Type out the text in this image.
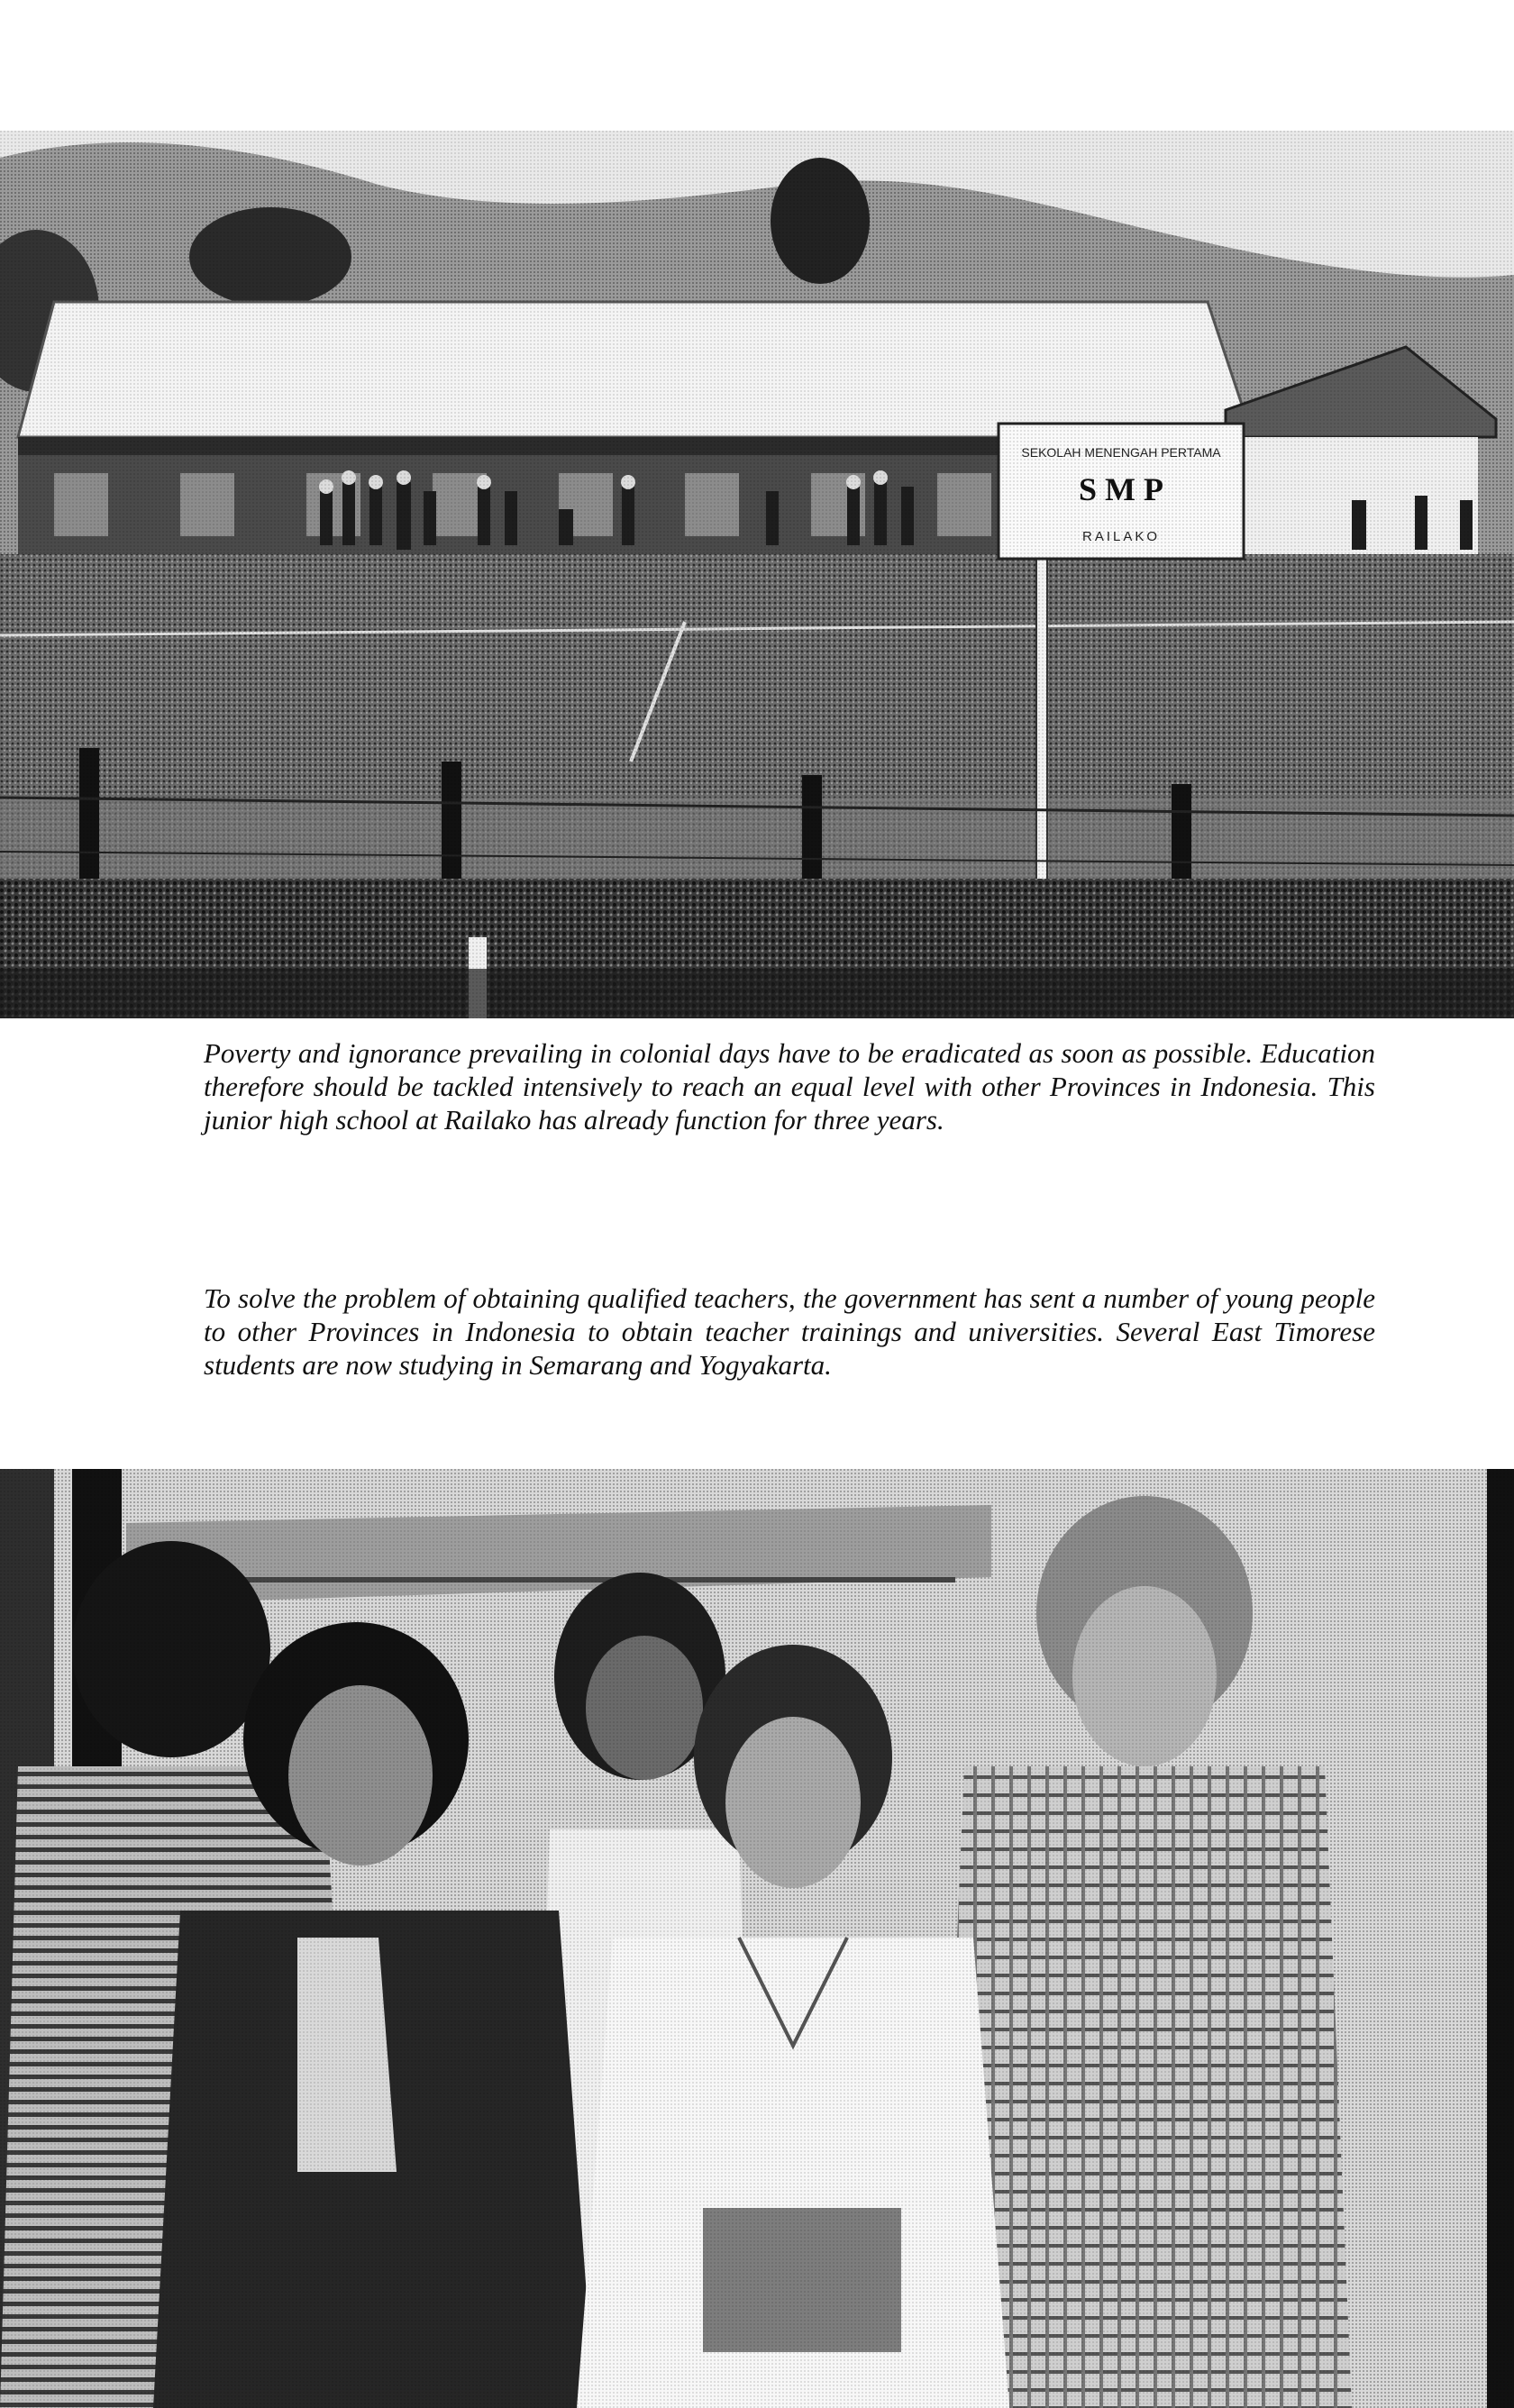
Poverty and ignorance prevailing in colonial days have to be eradicated as soon as possible. Education therefore should be tackled intensively to reach an equal level with other Provinces in Indonesia. This junior high school at Railako has already function for three years.

To solve the problem of obtaining qualified teachers, the government has sent a number of young people to other Provinces in Indonesia to obtain teacher trainings and universities. Several East Timorese students are now studying in Semarang and Yogyakarta.
